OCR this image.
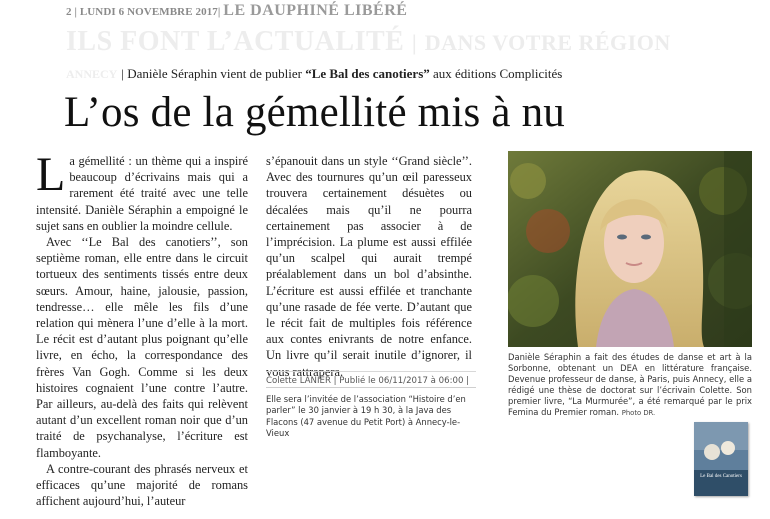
2 | LUNDI 6 NOVEMBRE 2017| LE DAUPHINÉ LIBÉRÉ
ILS FONT L’ACTUALITÉ | DANS VOTRE RÉGION
ANNECY | Danièle Séraphin vient de publier “Le Bal des canotiers” aux éditions Complicités
L’os de la gémellité mis à nu

La gémellité : un thème qui a inspiré beaucoup d’écrivains mais qui a rarement été traité avec une telle intensité. Danièle Séraphin a empoigné le sujet sans en oublier la moindre cellule.

Avec ‘‘Le Bal des canotiers’’, son septième roman, elle entre dans le circuit tortueux des sentiments tissés entre deux sœurs. Amour, haine, jalousie, passion, tendresse… elle mêle les fils d’une relation qui mènera l’une d’elle à la mort. Le récit est d’autant plus poignant qu’elle livre, en écho, la correspondance des frères Van Gogh. Comme si les deux histoires cognaient l’une contre l’autre. Par ailleurs, au-delà des faits qui relèvent autant d’un excellent roman noir que d’un traité de psychanalyse, l’écriture est flamboyante.

A contre-courant des phrasés nerveux et efficaces qu’une majorité de romans affichent aujourd’hui, l’auteur

s’épanouit dans un style ‘‘Grand siècle’’. Avec des tournures qu’un œil paresseux trouvera certainement désuètes ou décalées mais qu’il ne pourra certainement pas associer à de l’imprécision. La plume est aussi effilée qu’un scalpel qui aurait trempé préalablement dans un bol d’absinthe. L’écriture est aussi effilée et tranchante qu’une rasade de fée verte. D’autant que le récit fait de multiples fois référence aux contes enivrants de notre enfance. Un livre qu’il serait inutile d’ignorer, il vous rattrapera.

Colette LANIER | Publié le 06/11/2017 à 06:00 |
Elle sera l’invitée de l’association “Histoire d’en parler” le 30 janvier à 19 h 30, à la Java des Flacons (47 avenue du Petit Port) à Annecy-le-Vieux
Danièle Séraphin a fait des études de danse et art à la Sorbonne, obtenant un DEA en littérature française. Devenue professeur de danse, à Paris, puis Annecy, elle a rédigé une thèse de doctorat sur l’écrivain Colette. Son premier livre, “La Murmurée”, a été remarqué par le prix Femina du Premier roman. Photo DR.
Le Bal des Canotiers
